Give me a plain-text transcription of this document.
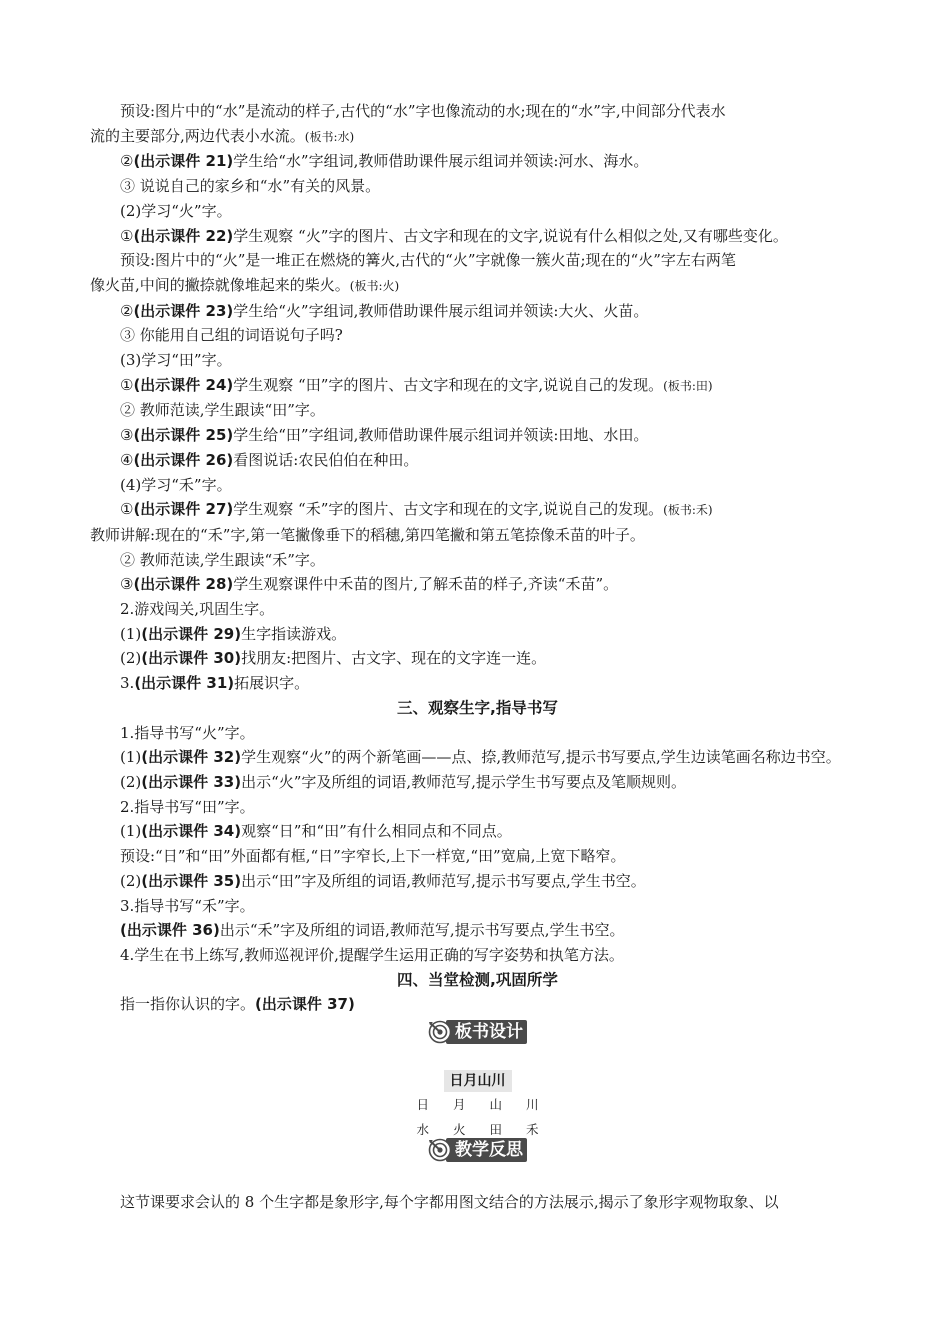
预设:图片中的“水”是流动的样子,古代的“水”字也像流动的水;现在的“水”字,中间部分代表水
流的主要部分,两边代表小水流。(板书:水)
②(出示课件 21)学生给“水”字组词,教师借助课件展示组词并领读:河水、海水。
③ 说说自己的家乡和“水”有关的风景。
(2)学习“火”字。
①(出示课件 22)学生观察 “火”字的图片、古文字和现在的文字,说说有什么相似之处,又有哪些变化。
预设:图片中的“火”是一堆正在燃烧的篝火,古代的“火”字就像一簇火苗;现在的“火”字左右两笔
像火苗,中间的撇捺就像堆起来的柴火。(板书:火)
②(出示课件 23)学生给“火”字组词,教师借助课件展示组词并领读:大火、火苗。
③ 你能用自己组的词语说句子吗?
(3)学习“田”字。
①(出示课件 24)学生观察 “田”字的图片、古文字和现在的文字,说说自己的发现。(板书:田)
② 教师范读,学生跟读“田”字。
③(出示课件 25)学生给“田”字组词,教师借助课件展示组词并领读:田地、水田。
④(出示课件 26)看图说话:农民伯伯在种田。
(4)学习“禾”字。
①(出示课件 27)学生观察 “禾”字的图片、古文字和现在的文字,说说自己的发现。(板书:禾)
教师讲解:现在的“禾”字,第一笔撇像垂下的稻穗,第四笔撇和第五笔捺像禾苗的叶子。
② 教师范读,学生跟读“禾”字。
③(出示课件 28)学生观察课件中禾苗的图片,了解禾苗的样子,齐读“禾苗”。
2.游戏闯关,巩固生字。
(1)(出示课件 29)生字指读游戏。
(2)(出示课件 30)找朋友:把图片、古文字、现在的文字连一连。
3.(出示课件 31)拓展识字。
三、观察生字,指导书写
1.指导书写“火”字。
(1)(出示课件 32)学生观察“火”的两个新笔画——点、捺,教师范写,提示书写要点,学生边读笔画名称边书空。
(2)(出示课件 33)出示“火”字及所组的词语,教师范写,提示学生书写要点及笔顺规则。
2.指导书写“田”字。
(1)(出示课件 34)观察“日”和“田”有什么相同点和不同点。
预设:“日”和“田”外面都有框,“日”字窄长,上下一样宽,“田”宽扁,上宽下略窄。
(2)(出示课件 35)出示“田”字及所组的词语,教师范写,提示书写要点,学生书空。
3.指导书写“禾”字。
(出示课件 36)出示“禾”字及所组的词语,教师范写,提示书写要点,学生书空。
4.学生在书上练写,教师巡视评价,提醒学生运用正确的写字姿势和执笔方法。
四、当堂检测,巩固所学
指一指你认识的字。(出示课件 37)
板书设计
日月山川
日 月 山 川
水 火 田 禾
教学反思
这节课要求会认的 8 个生字都是象形字,每个字都用图文结合的方法展示,揭示了象形字观物取象、以
